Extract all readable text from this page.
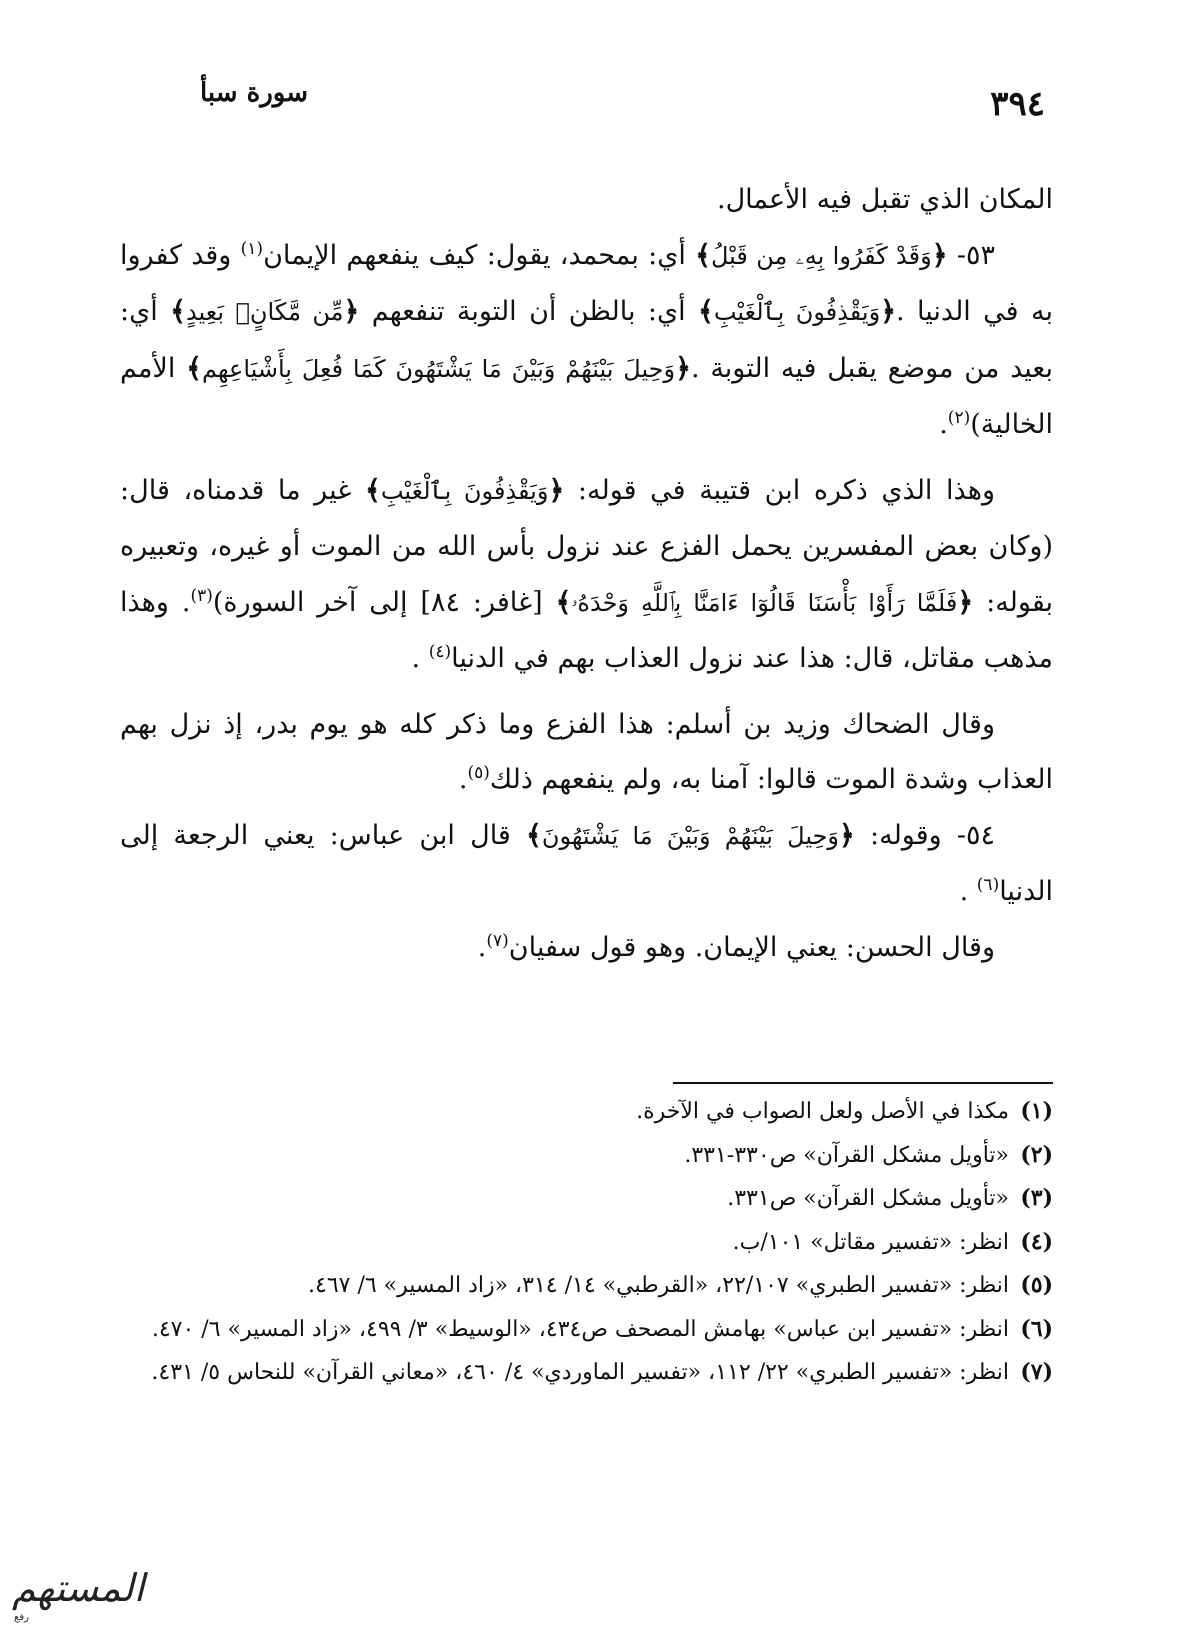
٣٩٤
سورة سبأ

المكان الذي تقبل فيه الأعمال.

٥٣- ﴿وَقَدْ كَفَرُوا بِهِۦ مِن قَبْلُ﴾ أي: بمحمد، يقول: كيف ينفعهم الإيمان$^{(١)}$ وقد كفروا به في الدنيا .﴿وَيَقْذِفُونَ بِٱلْغَيْبِ﴾ أي: بالظن أن التوبة تنفعهم ﴿مِّن مَّكَانٍۭ بَعِيدٍ﴾ أي: بعيد من موضع يقبل فيه التوبة .﴿وَحِيلَ بَيْنَهُمْ وَبَيْنَ مَا يَشْتَهُونَ كَمَا فُعِلَ بِأَشْيَاعِهِم﴾ الأمم الخالية)$^{(٢)}$.

وهذا الذي ذكره ابن قتيبة في قوله: ﴿وَيَقْذِفُونَ بِٱلْغَيْبِ﴾ غير ما قدمناه، قال: (وكان بعض المفسرين يحمل الفزع عند نزول بأس الله من الموت أو غيره، وتعبيره بقوله: ﴿فَلَمَّا رَأَوْا بَأْسَنَا قَالُوٓا ءَامَنَّا بِٱللَّهِ وَحْدَهُۥ﴾ [غافر: ٨٤] إلى آخر السورة)$^{(٣)}$. وهذا مذهب مقاتل، قال: هذا عند نزول العذاب بهم في الدنيا$^{(٤)}$ .

وقال الضحاك وزيد بن أسلم: هذا الفزع وما ذكر كله هو يوم بدر، إذ نزل بهم العذاب وشدة الموت قالوا: آمنا به، ولم ينفعهم ذلك$^{(٥)}$.

٥٤- وقوله: ﴿وَحِيلَ بَيْنَهُمْ وَبَيْنَ مَا يَشْتَهُونَ﴾ قال ابن عباس: يعني الرجعة إلى الدنيا$^{(٦)}$ .

وقال الحسن: يعني الإيمان. وهو قول سفيان$^{(٧)}$.

(١)
مكذا في الأصل ولعل الصواب في الآخرة.
(٢)
«تأويل مشكل القرآن» ص٣٣٠-٣٣١.
(٣)
«تأويل مشكل القرآن» ص٣٣١.
(٤)
انظر: «تفسير مقاتل» ١٠١/ب.
(٥)
انظر: «تفسير الطبري» ٢٢/١٠٧، «القرطبي» ١٤/ ٣١٤، «زاد المسير» ٦/ ٤٦٧.
(٦)
انظر: «تفسير ابن عباس» بهامش المصحف ص٤٣٤، «الوسيط» ٣/ ٤٩٩، «زاد المسير» ٦/ ٤٧٠.
(٧)
انظر: «تفسير الطبري» ٢٢/ ١١٢، «تفسير الماوردي» ٤/ ٤٦٠، «معاني القرآن» للنحاس ٥/ ٤٣١.
المستهم
رفع
